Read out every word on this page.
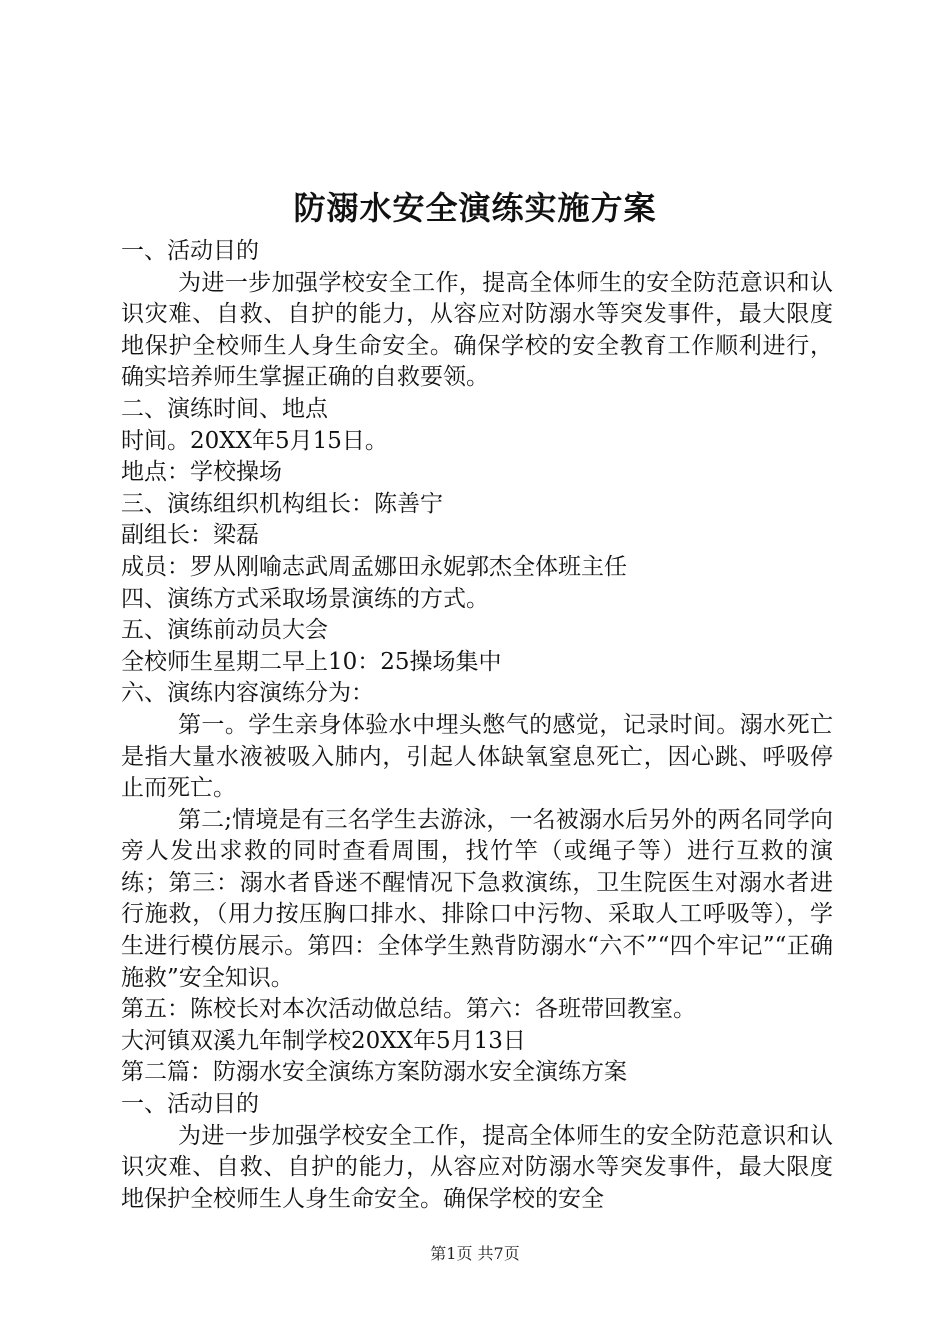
防溺水安全演练实施方案

一、活动目的

为进一步加强学校安全工作，提高全体师生的安全防范意识和认识灾难、自救、自护的能力，从容应对防溺水等突发事件，最大限度地保护全校师生人身生命安全。确保学校的安全教育工作顺利进行，确实培养师生掌握正确的自救要领。

二、演练时间、地点

时间。20XX年5月15日。

地点：学校操场

三、演练组织机构组长：陈善宁

副组长：梁磊

成员：罗从刚喻志武周孟娜田永妮郭杰全体班主任

四、演练方式采取场景演练的方式。

五、演练前动员大会

全校师生星期二早上10：25操场集中

六、演练内容演练分为：

第一。学生亲身体验水中埋头憋气的感觉，记录时间。溺水死亡是指大量水液被吸入肺内，引起人体缺氧窒息死亡，因心跳、呼吸停止而死亡。

第二;情境是有三名学生去游泳，一名被溺水后另外的两名同学向旁人发出求救的同时查看周围，找竹竿（或绳子等）进行互救的演练；第三：溺水者昏迷不醒情况下急救演练，卫生院医生对溺水者进行施救，（用力按压胸口排水、排除口中污物、采取人工呼吸等），学生进行模仿展示。第四：全体学生熟背防溺水“六不”“四个牢记”“正确施救”安全知识。

第五：陈校长对本次活动做总结。第六：各班带回教室。

大河镇双溪九年制学校20XX年5月13日

第二篇：防溺水安全演练方案防溺水安全演练方案

一、活动目的

为进一步加强学校安全工作，提高全体师生的安全防范意识和认识灾难、自救、自护的能力，从容应对防溺水等突发事件，最大限度地保护全校师生人身生命安全。确保学校的安全

第1页 共7页
